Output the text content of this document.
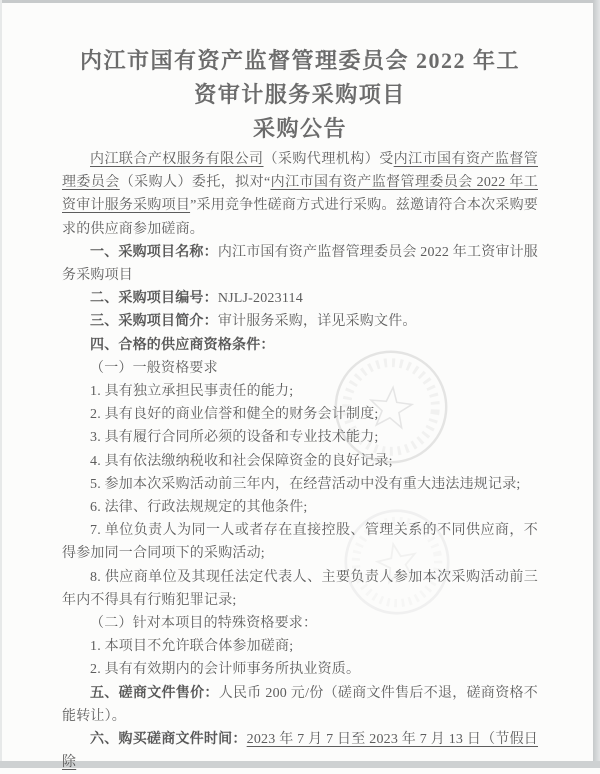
内江市国有资产监督管理委员会 2022 年工
资审计服务采购项目
采购公告

内江联合产权服务有限公司（采购代理机构）受内江市国有资产监督管理委员会（采购人）委托，拟对“内江市国有资产监督管理委员会 2022 年工资审计服务采购项目”采用竞争性磋商方式进行采购。兹邀请符合本次采购要求的供应商参加磋商。

一、采购项目名称：内江市国有资产监督管理委员会 2022 年工资审计服务采购项目

二、采购项目编号：NJLJ-2023114

三、采购项目简介：审计服务采购，详见采购文件。

四、合格的供应商资格条件：

（一）一般资格要求

1. 具有独立承担民事责任的能力;

2. 具有良好的商业信誉和健全的财务会计制度;

3. 具有履行合同所必须的设备和专业技术能力;

4. 具有依法缴纳税收和社会保障资金的良好记录;

5. 参加本次采购活动前三年内，在经营活动中没有重大违法违规记录;

6. 法律、行政法规规定的其他条件;

7. 单位负责人为同一人或者存在直接控股、管理关系的不同供应商，不得参加同一合同项下的采购活动;

8. 供应商单位及其现任法定代表人、主要负责人参加本次采购活动前三年内不得具有行贿犯罪记录;

（二）针对本项目的特殊资格要求：

1. 本项目不允许联合体参加磋商;

2. 具有有效期内的会计师事务所执业资质。

五、磋商文件售价：人民币 200 元/份（磋商文件售后不退，磋商资格不能转让）。

六、购买磋商文件时间：2023 年 7 月 7 日至 2023 年 7 月 13 日（节假日除
